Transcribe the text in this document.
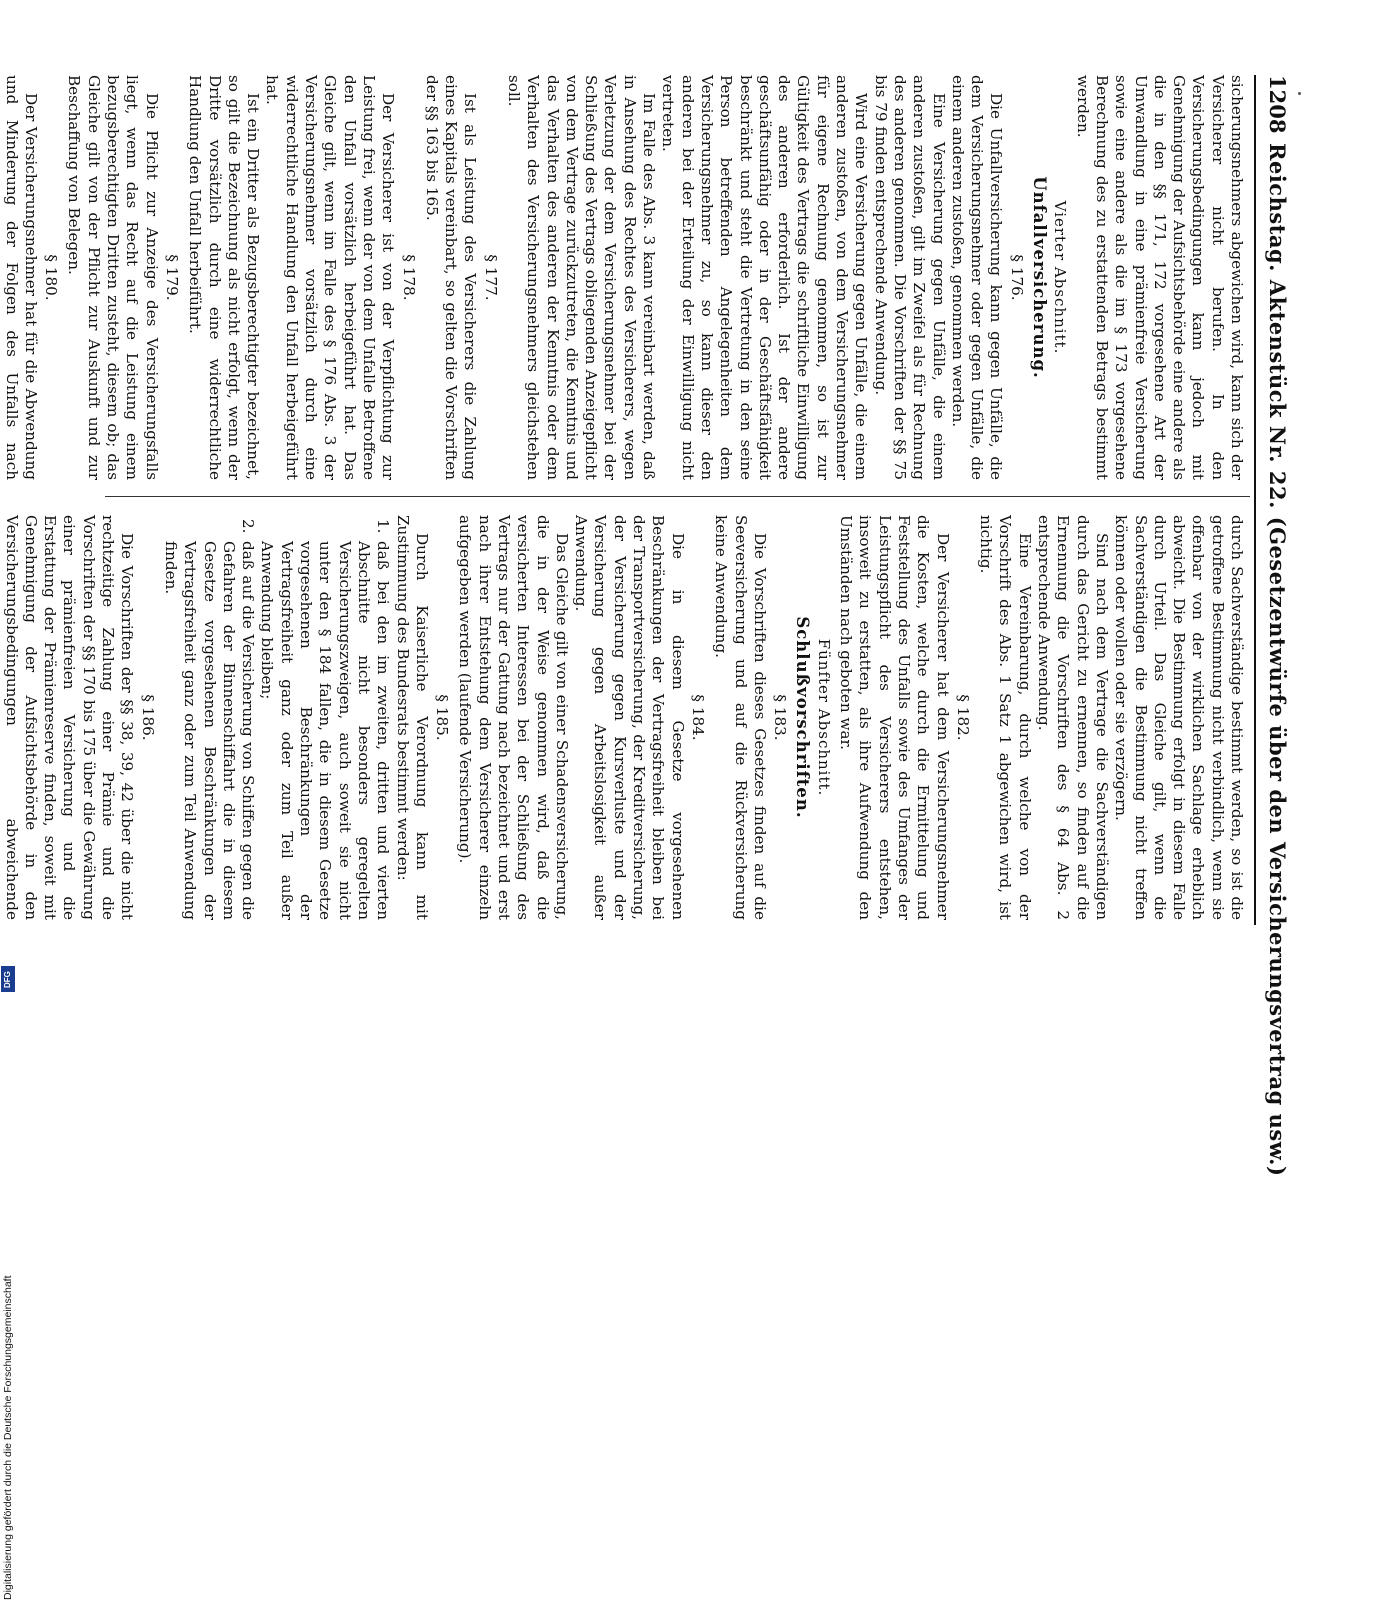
1208
Reichstag. Aktenstück Nr. 22. (Gesetzentwürfe über den Versicherungsvertrag usw.)

sicherungsnehmers abgewichen wird, kann sich der Versicherer nicht berufen. In den Versicherungsbedingungen kann jedoch mit Genehmigung der Aufsichtsbehörde eine andere als die in den §§ 171, 172 vorgesehene Art der Umwandlung in eine prämienfreie Versicherung sowie eine andere als die im § 173 vorgesehene Berechnung des zu erstattenden Betrags bestimmt werden.

Vierter Abschnitt.
Unfallversicherung.
§ 176.

Die Unfallversicherung kann gegen Unfälle, die dem Versicherungsnehmer oder gegen Unfälle, die einem anderen zustoßen, genommen werden.

Eine Versicherung gegen Unfälle, die einem anderen zustoßen, gilt im Zweifel als für Rechnung des anderen genommen. Die Vorschriften der §§ 75 bis 79 finden entsprechende Anwendung.

Wird eine Versicherung gegen Unfälle, die einem anderen zustoßen, von dem Versicherungsnehmer für eigene Rechnung genommen, so ist zur Gültigkeit des Vertrags die schriftliche Einwilligung des anderen erforderlich. Ist der andere geschäftsunfähig oder in der Geschäftsfähigkeit beschränkt und steht die Vertretung in den seine Person betreffenden Angelegenheiten dem Versicherungsnehmer zu, so kann dieser den anderen bei der Erteilung der Einwilligung nicht vertreten.

Im Falle des Abs. 3 kann vereinbart werden, daß in Ansehung des Rechtes des Versicherers, wegen Verletzung der dem Versicherungsnehmer bei der Schließung des Vertrags obliegenden Anzeigepflicht von dem Vertrage zurückzutreten, die Kenntnis und das Verhalten des anderen der Kenntnis oder dem Verhalten des Versicherungsnehmers gleichstehen soll.

§ 177.

Ist als Leistung des Versicherers die Zahlung eines Kapitals vereinbart, so gelten die Vorschriften der §§ 163 bis 165.

§ 178.

Der Versicherer ist von der Verpflichtung zur Leistung frei, wenn der von dem Unfalle Betroffene den Unfall vorsätzlich herbeigeführt hat. Das Gleiche gilt, wenn im Falle des § 176 Abs. 3 der Versicherungsnehmer vorsätzlich durch eine widerrechtliche Handlung den Unfall herbeigeführt hat.

Ist ein Dritter als Bezugsberechtigter bezeichnet, so gilt die Bezeichnung als nicht erfolgt, wenn der Dritte vorsätzlich durch eine widerrechtliche Handlung den Unfall herbeiführt.

§ 179.

Die Pflicht zur Anzeige des Versicherungsfalls liegt, wenn das Recht auf die Leistung einem bezugsberechtigten Dritten zusteht, diesem ob; das Gleiche gilt von der Pflicht zur Auskunft und zur Beschaffung von Belegen.

§ 180.

Der Versicherungsnehmer hat für die Abwendung und Minderung der Folgen des Unfalls nach

durch Sachverständige bestimmt werden, so ist die getroffene Bestimmung nicht verbindlich, wenn sie offenbar von der wirklichen Sachlage erheblich abweicht. Die Bestimmung erfolgt in diesem Falle durch Urteil. Das Gleiche gilt, wenn die Sachverständigen die Bestimmung nicht treffen können oder wollen oder sie verzögern.

Sind nach dem Vertrage die Sachverständigen durch das Gericht zu ernennen, so finden auf die Ernennung die Vorschriften des § 64 Abs. 2 entsprechende Anwendung.

Eine Vereinbarung, durch welche von der Vorschrift des Abs. 1 Satz 1 abgewichen wird, ist nichtig.

§ 182.

Der Versicherer hat dem Versicherungsnehmer die Kosten, welche durch die Ermittelung und Feststellung des Unfalls sowie des Umfanges der Leistungspflicht des Versicherers entstehen, insoweit zu erstatten, als ihre Aufwendung den Umständen nach geboten war.

Fünfter Abschnitt.
Schlußvorschriften.
§ 183.

Die Vorschriften dieses Gesetzes finden auf die Seeversicherung und auf die Rückversicherung keine Anwendung.

§ 184.

Die in diesem Gesetze vorgesehenen Beschränkungen der Vertragsfreiheit bleiben bei der Transportversicherung, der Kreditversicherung, der Versicherung gegen Kursverluste und der Versicherung gegen Arbeitslosigkeit außer Anwendung.

Das Gleiche gilt von einer Schadensversicherung, die in der Weise genommen wird, daß die versicherten Interessen bei der Schließung des Vertrags nur der Gattung nach bezeichnet und erst nach ihrer Entstehung dem Versicherer einzeln aufgegeben werden (laufende Versicherung).

§ 185.

Durch Kaiserliche Verordnung kann mit Zustimmung des Bundesrats bestimmt werden:

1.
daß bei den im zweiten, dritten und vierten Abschnitte nicht besonders geregelten Versicherungszweigen, auch soweit sie nicht unter den § 184 fallen, die in diesem Gesetze vorgesehenen Beschränkungen der Vertragsfreiheit ganz oder zum Teil außer Anwendung bleiben;
2.
daß auf die Versicherung von Schiffen gegen die Gefahren der Binnenschiffahrt die in diesem Gesetze vorgesehenen Beschränkungen der Vertragsfreiheit ganz oder zum Teil Anwendung finden.
§ 186.

Die Vorschriften der §§ 38, 39, 42 über die nicht rechtzeitige Zahlung einer Prämie und die Vorschriften der §§ 170 bis 175 über die Gewährung einer prämienfreien Versicherung und die Erstattung der Prämienreserve finden, soweit mit Genehmigung der Aufsichtsbehörde in den Versicherungsbedingungen abweichende

Digitalisierung gefördert durch die Deutsche Forschungsgemeinschaft
DFG
